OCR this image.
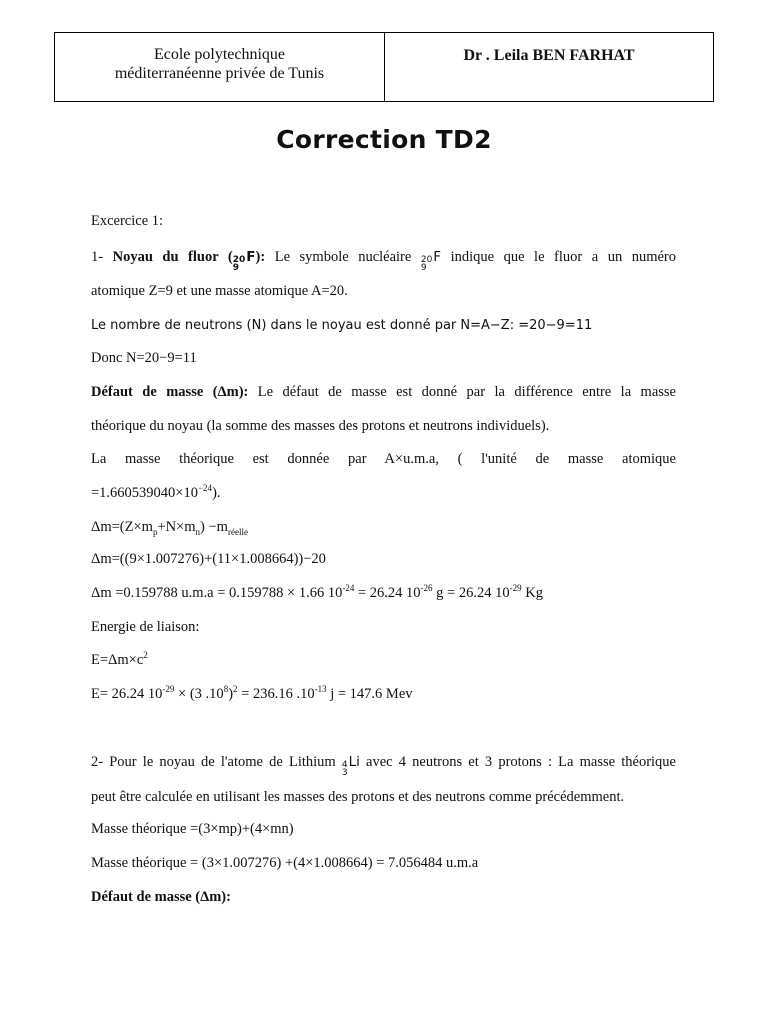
Ecole polytechnique
méditerranéenne privée de Tunis
Dr . Leila BEN FARHAT
Correction TD2
Excercice 1:
1- Noyau du fluor ( 20
9
F): Le symbole nucléaire 20
9
F indique que le fluor a un numéro
atomique Z=9 et une masse atomique A=20.
Le nombre de neutrons (N) dans le noyau est donné par N=A−Z: =20−9=11
Donc N=20−9=11
Défaut de masse (Δm): Le défaut de masse est donné par la différence entre la masse
théorique du noyau (la somme des masses des protons et neutrons individuels).
La masse théorique est donnée par A×u.m.a, ( l'unité de masse atomique
$=1.660539040\times 10^{-24}$).
$\Delta m=(Z\times m_p+N\times m_n) -m_{réelle}$
Δm=((9×1.007276)+(11×1.008664))−20
Δm =0.159788 u.m.a = 0.159788 × 1.66 $10^{-24} = 26.24$ $10^{-26}$ g = 26.24 $10^{-29}$ Kg
Energie de liaison:
$E=\Delta m\times c^2$
E= 26.24 $10^{-29} \times (3$ $.10^8)^2 = 236.16$ $.10^{-13}$ j = 147.6 Mev
2- Pour le noyau de l'atome de Lithium 4
3
Li avec 4 neutrons et 3 protons : La masse théorique
peut être calculée en utilisant les masses des protons et des neutrons comme précédemment.
Masse théorique =(3×mp)+(4×mn)
Masse théorique = (3×1.007276) +(4×1.008664) = 7.056484 u.m.a
Défaut de masse (Δm):
